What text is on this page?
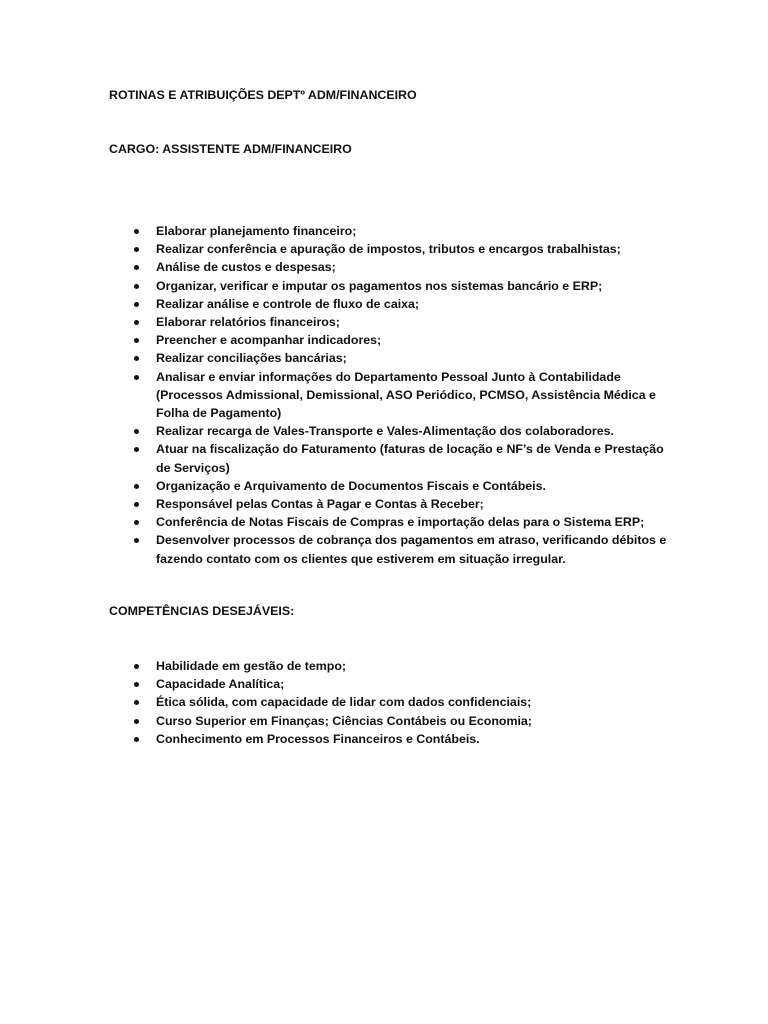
ROTINAS E ATRIBUIÇÕES DEPTº ADM/FINANCEIRO
CARGO: ASSISTENTE ADM/FINANCEIRO
Elaborar planejamento financeiro;
Realizar conferência e apuração de impostos, tributos e encargos trabalhistas;
Análise de custos e despesas;
Organizar, verificar e imputar os pagamentos nos sistemas bancário e ERP;
Realizar análise e controle de fluxo de caixa;
Elaborar relatórios financeiros;
Preencher e acompanhar indicadores;
Realizar conciliações bancárias;
Analisar e enviar informações do Departamento Pessoal Junto à Contabilidade (Processos Admissional, Demissional, ASO Periódico, PCMSO, Assistência Médica e Folha de Pagamento)
Realizar recarga de Vales-Transporte e Vales-Alimentação dos colaboradores.
Atuar na fiscalização do Faturamento (faturas de locação e NF’s de Venda e Prestação de Serviços)
Organização e Arquivamento de Documentos Fiscais e Contábeis.
Responsável pelas Contas à Pagar e Contas à Receber;
Conferência de Notas Fiscais de Compras e importação delas para o Sistema ERP;
Desenvolver processos de cobrança dos pagamentos em atraso, verificando débitos e fazendo contato com os clientes que estiverem em situação irregular.
COMPETÊNCIAS DESEJÁVEIS:
Habilidade em gestão de tempo;
Capacidade Analítica;
Ética sólida, com capacidade de lidar com dados confidenciais;
Curso Superior em Finanças; Ciências Contábeis ou Economia;
Conhecimento em Processos Financeiros e Contábeis.
